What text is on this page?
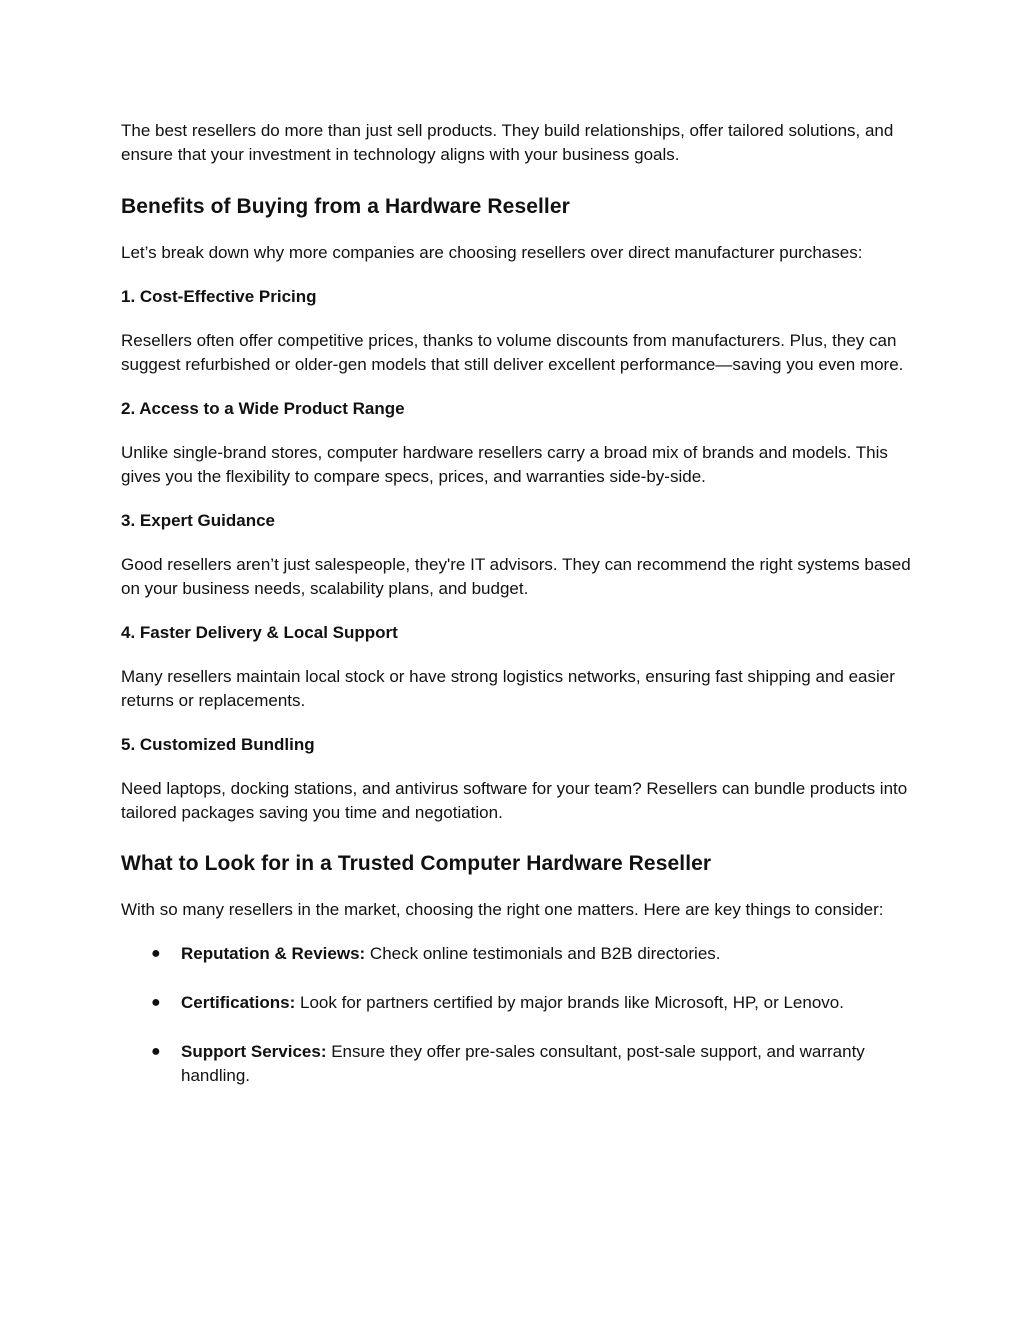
The best resellers do more than just sell products. They build relationships, offer tailored solutions, and ensure that your investment in technology aligns with your business goals.

Benefits of Buying from a Hardware Reseller

Let’s break down why more companies are choosing resellers over direct manufacturer purchases:

1. Cost-Effective Pricing

Resellers often offer competitive prices, thanks to volume discounts from manufacturers. Plus, they can suggest refurbished or older-gen models that still deliver excellent performance—saving you even more.

2. Access to a Wide Product Range

Unlike single-brand stores, computer hardware resellers carry a broad mix of brands and models. This gives you the flexibility to compare specs, prices, and warranties side-by-side.

3. Expert Guidance

Good resellers aren’t just salespeople, they're IT advisors. They can recommend the right systems based on your business needs, scalability plans, and budget.

4. Faster Delivery & Local Support

Many resellers maintain local stock or have strong logistics networks, ensuring fast shipping and easier returns or replacements.

5. Customized Bundling

Need laptops, docking stations, and antivirus software for your team? Resellers can bundle products into tailored packages saving you time and negotiation.

What to Look for in a Trusted Computer Hardware Reseller

With so many resellers in the market, choosing the right one matters. Here are key things to consider:

● Reputation & Reviews: Check online testimonials and B2B directories.
● Certifications: Look for partners certified by major brands like Microsoft, HP, or Lenovo.
● Support Services: Ensure they offer pre-sales consultant, post-sale support, and warranty handling.
